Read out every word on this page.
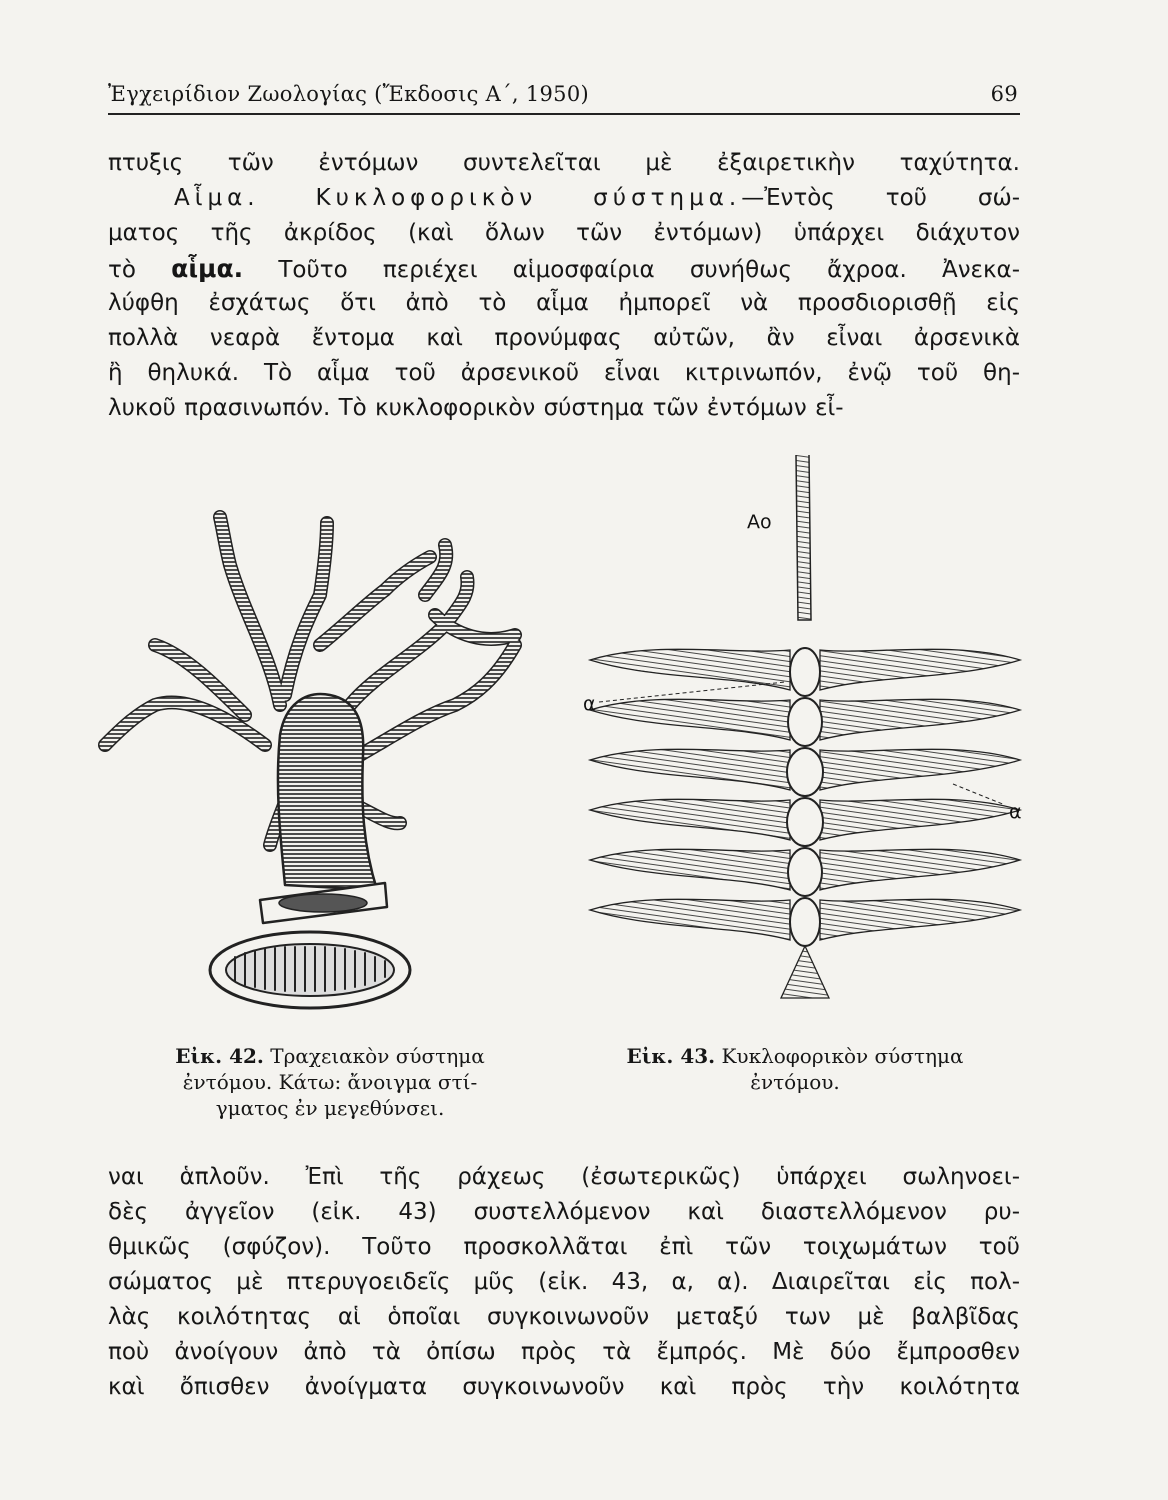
Ἐγχειρίδιον Ζωολογίας (Ἔκδοσις Α΄, 1950)	69
πτυξις τῶν ἐντόμων συντελεῖται μὲ ἐξαιρετικὴν ταχύτητα.
Αἷμα. Κυκλοφορικὸν σύστημα.—Ἐντὸς τοῦ σώ-
ματος τῆς ἀκρίδος (καὶ ὅλων τῶν ἐντόμων) ὑπάρχει διάχυτον
τὸ αἷμα. Τοῦτο περιέχει αἱμοσφαίρια συνήθως ἄχροα. Ἀνεκα-
λύφθη ἐσχάτως ὅτι ἀπὸ τὸ αἷμα ἠμπορεῖ νὰ προσδιορισθῇ εἰς
πολλὰ νεαρὰ ἔντομα καὶ προνύμφας αὐτῶν, ἂν εἶναι ἀρσενικὰ
ἢ θηλυκά. Τὸ αἷμα τοῦ ἀρσενικοῦ εἶναι κιτρινωπόν, ἐνῷ τοῦ θη-
λυκοῦ πρασινωπόν. Τὸ κυκλοφορικὸν σύστημα τῶν ἐντόμων εἶ-
Εἰκ. 42. Τραχειακὸν σύστημα
ἐντόμου. Κάτω: ἄνοιγμα στί-
γματος ἐν μεγεθύνσει.
Αο
α
α
Εἰκ. 43. Κυκλοφορικὸν σύστημα
ἐντόμου.
ναι ἁπλοῦν. Ἐπὶ τῆς ράχεως (ἐσωτερικῶς) ὑπάρχει σωληνοει-
δὲς ἀγγεῖον (εἰκ. 43) συστελλόμενον καὶ διαστελλόμενον ρυ-
θμικῶς (σφύζον). Τοῦτο προσκολλᾶται ἐπὶ τῶν τοιχωμάτων τοῦ
σώματος μὲ πτερυγοειδεῖς μῦς (εἰκ. 43, α, α). Διαιρεῖται εἰς πολ-
λὰς κοιλότητας αἱ ὁποῖαι συγκοινωνοῦν μεταξύ των μὲ βαλβῖδας
ποὺ ἀνοίγουν ἀπὸ τὰ ὀπίσω πρὸς τὰ ἔμπρός. Μὲ δύο ἔμπροσθεν
καὶ ὄπισθεν ἀνοίγματα συγκοινωνοῦν καὶ πρὸς τὴν κοιλότητα
